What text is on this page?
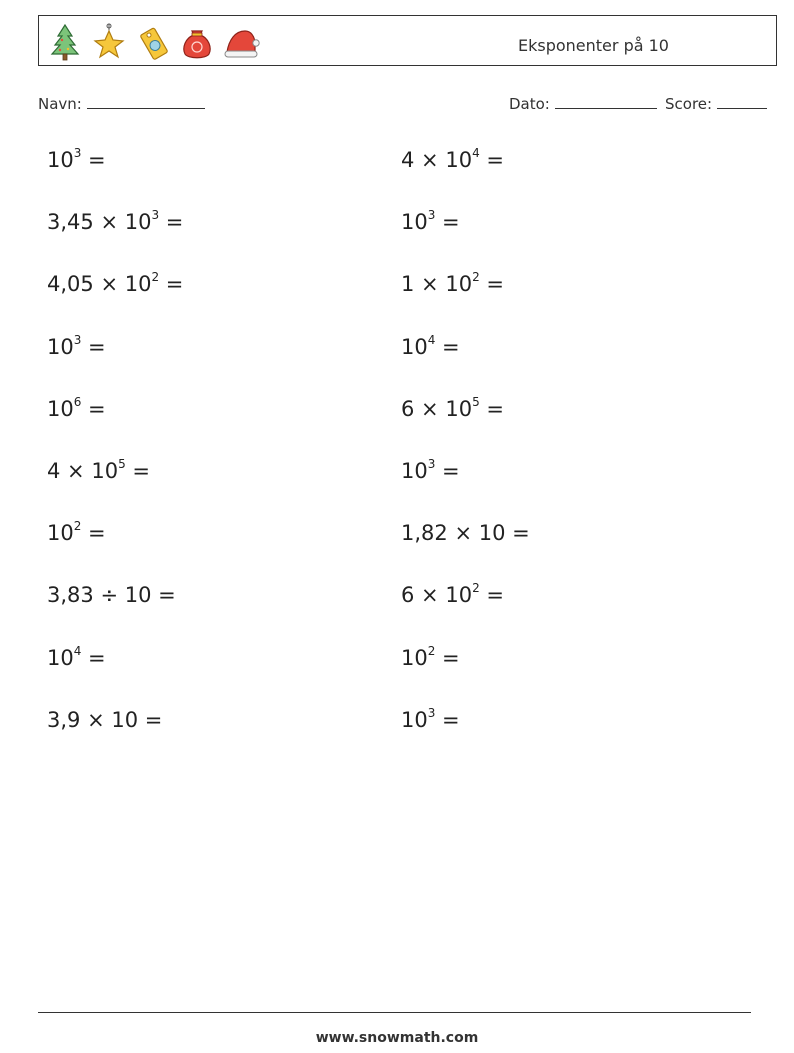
Eksponenter på 10
Navn:	Dato:	Score:
$10^3$ =	$4 \times 10^4$ =
$3,45 \times 10^3$ =	$10^3$ =
$4,05 \times 10^2$ =	$1 \times 10^2$ =
$10^3$ =	$10^4$ =
$10^6$ =	$6 \times 10^5$ =
$4 \times 10^5$ =	$10^3$ =
$10^2$ =	1,82 × 10 =
3,83 ÷ 10 =	$6 \times 10^2$ =
$10^4$ =	$10^2$ =
3,9 × 10 =	$10^3$ =
www.snowmath.com
